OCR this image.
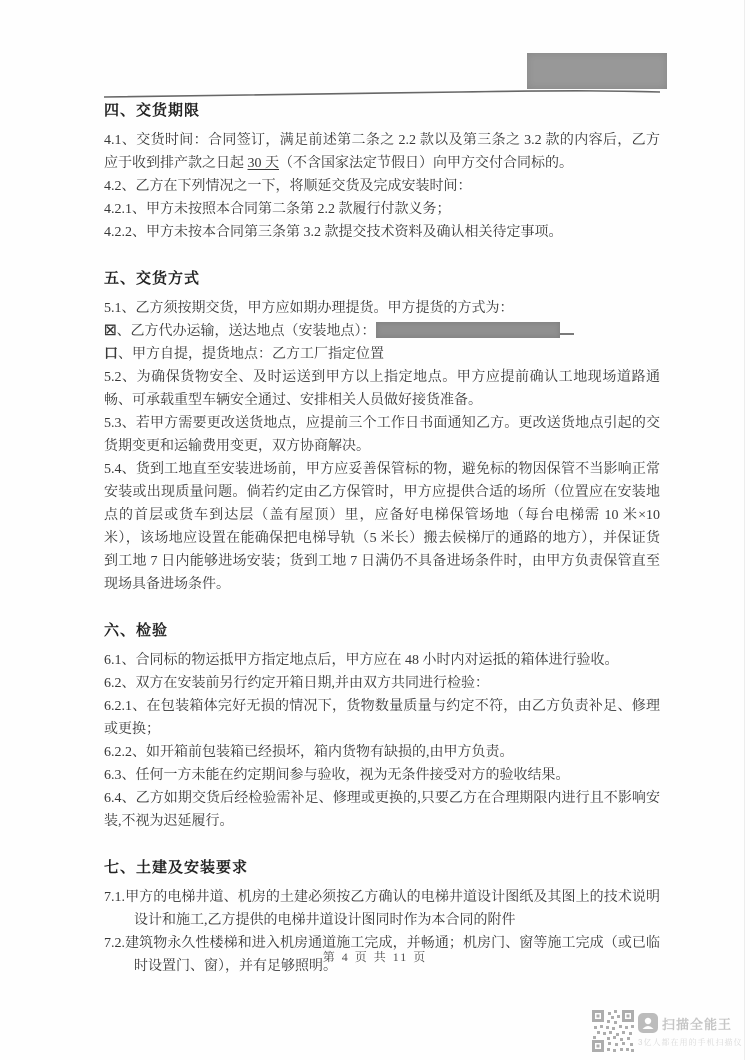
四、交货期限

4.1、交货时间：合同签订，满足前述第二条之 2.2 款以及第三条之 3.2 款的内容后，乙方应于收到排产款之日起 30 天（不含国家法定节假日）向甲方交付合同标的。

4.2、乙方在下列情况之一下，将顺延交货及完成安装时间：

4.2.1、甲方未按照本合同第二条第 2.2 款履行付款义务；

4.2.2、甲方未按本合同第三条第 3.2 款提交技术资料及确认相关待定事项。

五、交货方式

5.1、乙方须按期交货，甲方应如期办理提货。甲方提货的方式为：

☒、乙方代办运输，送达地点（安装地点）：

口、甲方自提，提货地点：乙方工厂指定位置

5.2、为确保货物安全、及时运送到甲方以上指定地点。甲方应提前确认工地现场道路通畅、可承载重型车辆安全通过、安排相关人员做好接货准备。

5.3、若甲方需要更改送货地点，应提前三个工作日书面通知乙方。更改送货地点引起的交货期变更和运输费用变更，双方协商解决。

5.4、货到工地直至安装进场前，甲方应妥善保管标的物，避免标的物因保管不当影响正常安装或出现质量问题。倘若约定由乙方保管时，甲方应提供合适的场所（位置应在安装地点的首层或货车到达层（盖有屋顶）里，应备好电梯保管场地（每台电梯需 10 米×10 米），该场地应设置在能确保把电梯导轨（5 米长）搬去候梯厅的通路的地方），并保证货到工地 7 日内能够进场安装；货到工地 7 日满仍不具备进场条件时，由甲方负责保管直至现场具备进场条件。

六、检验

6.1、合同标的物运抵甲方指定地点后，甲方应在 48 小时内对运抵的箱体进行验收。

6.2、双方在安装前另行约定开箱日期,并由双方共同进行检验：

6.2.1、在包装箱体完好无损的情况下，货物数量质量与约定不符，由乙方负责补足、修理或更换；

6.2.2、如开箱前包装箱已经损坏，箱内货物有缺损的,由甲方负责。

6.3、任何一方未能在约定期间参与验收，视为无条件接受对方的验收结果。

6.4、乙方如期交货后经检验需补足、修理或更换的,只要乙方在合理期限内进行且不影响安装,不视为迟延履行。

七、土建及安装要求

7.1.甲方的电梯井道、机房的土建必须按乙方确认的电梯井道设计图纸及其图上的技术说明设计和施工,乙方提供的电梯井道设计图同时作为本合同的附件

7.2.建筑物永久性楼梯和进入机房通道施工完成，并畅通；机房门、窗等施工完成（或已临时设置门、窗），并有足够照明。

第 4 页 共 11 页
扫描全能王
3亿人都在用的手机扫描仪
